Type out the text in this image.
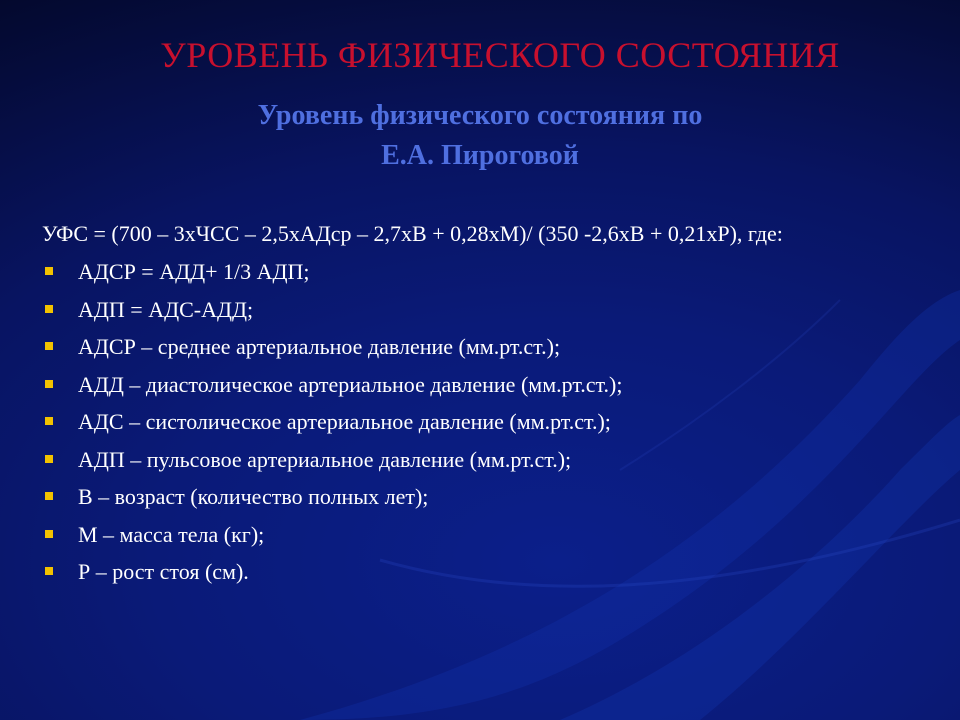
УРОВЕНЬ ФИЗИЧЕСКОГО СОСТОЯНИЯ
Уровень физического состояния по
Е.А. Пироговой
УФС = (700 – 3хЧСС – 2,5хАДср – 2,7хВ + 0,28хМ)/ (350 -2,6хВ + 0,21хР), где:
АДСР = АДД+ 1/3 АДП;
АДП = АДС-АДД;
АДСР – среднее артериальное давление (мм.рт.ст.);
АДД – диастолическое артериальное давление (мм.рт.ст.);
АДС – систолическое артериальное давление (мм.рт.ст.);
АДП – пульсовое артериальное давление (мм.рт.ст.);
В – возраст (количество полных лет);
М – масса тела (кг);
Р – рост стоя (см).
